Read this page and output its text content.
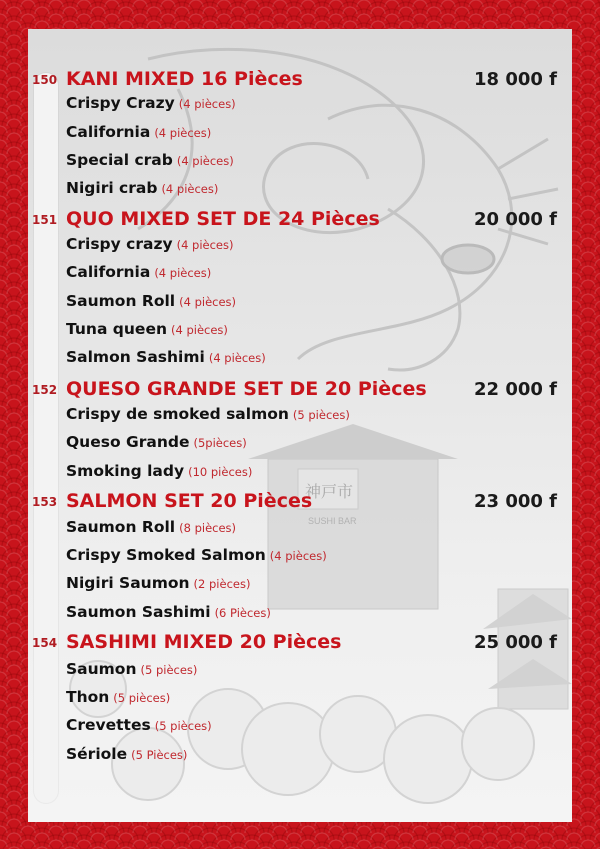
神戸市
SUSHI BAR
150 KANI MIXED 16 Pièces	18 000 f
Crispy Crazy (4 pièces)
California (4 pièces)
Special crab (4 pièces)
Nigiri crab (4 pièces)
151 QUO MIXED SET DE 24 Pièces	20 000 f
Crispy crazy (4 pièces)
California (4 pièces)
Saumon Roll (4 pièces)
Tuna queen (4 pièces)
Salmon Sashimi (4 pièces)
152 QUESO GRANDE SET DE 20 Pièces	22 000 f
Crispy de smoked salmon (5 pièces)
Queso Grande (5pièces)
Smoking lady (10 pièces)
153 SALMON SET 20 Pièces	23 000 f
Saumon Roll (8 pièces)
Crispy Smoked Salmon (4 pièces)
Nigiri Saumon (2 pièces)
Saumon Sashimi (6 Pièces)
154 SASHIMI MIXED 20 Pièces	25 000 f
Saumon (5 pièces)
Thon (5 pièces)
Crevettes (5 pièces)
Sériole (5 Pièces)
